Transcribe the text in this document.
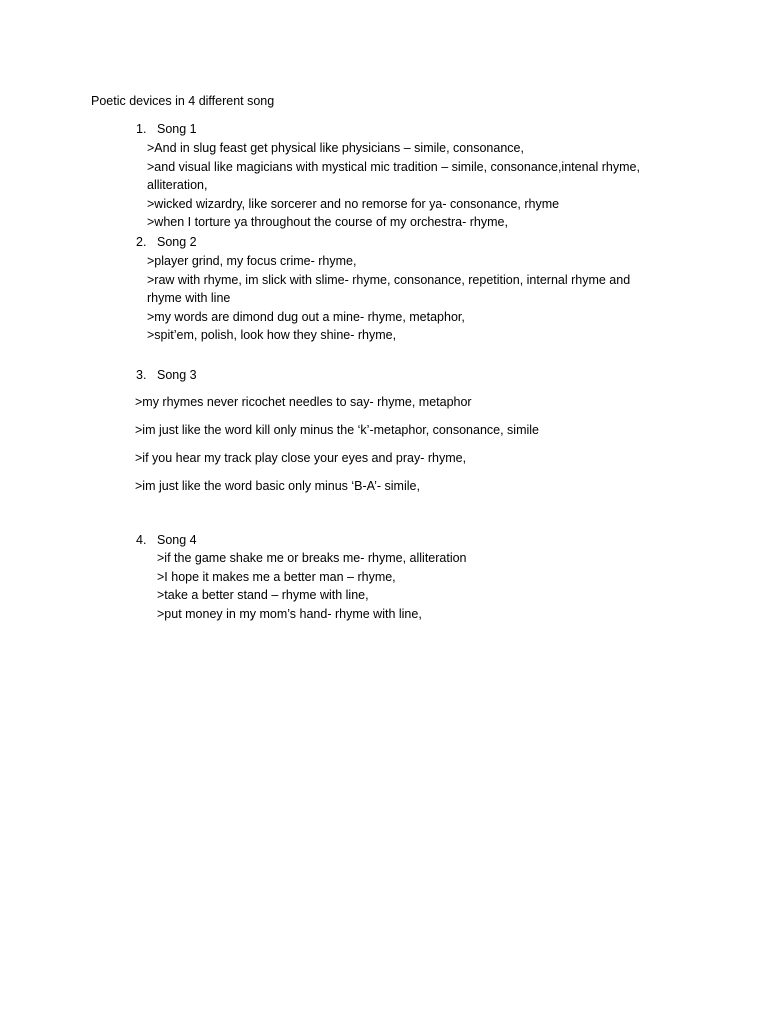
Poetic devices in 4 different song
1. Song 1

>And in slug feast get physical like physicians – simile, consonance,

>and visual like magicians with mystical mic tradition – simile, consonance,intenal rhyme, alliteration,

>wicked wizardry, like sorcerer and no remorse for ya- consonance, rhyme

>when I torture ya throughout the course of my orchestra- rhyme,

2. Song 2

>player grind, my focus crime- rhyme,

>raw with rhyme, im slick with slime- rhyme, consonance, repetition, internal rhyme and rhyme with line

>my words are dimond dug out a mine- rhyme, metaphor,

>spit’em, polish, look how they shine- rhyme,

3. Song 3

>my rhymes never ricochet needles to say- rhyme, metaphor

>im just like the word kill only minus the ‘k’-metaphor, consonance, simile

>if you hear my track play close your eyes and pray- rhyme,

>im just like the word basic only minus ‘B-A’- simile,

4. Song 4

>if the game shake me or breaks me- rhyme, alliteration

>I hope it makes me a better man – rhyme,

>take a better stand – rhyme with line,

>put money in my mom’s hand- rhyme with line,
